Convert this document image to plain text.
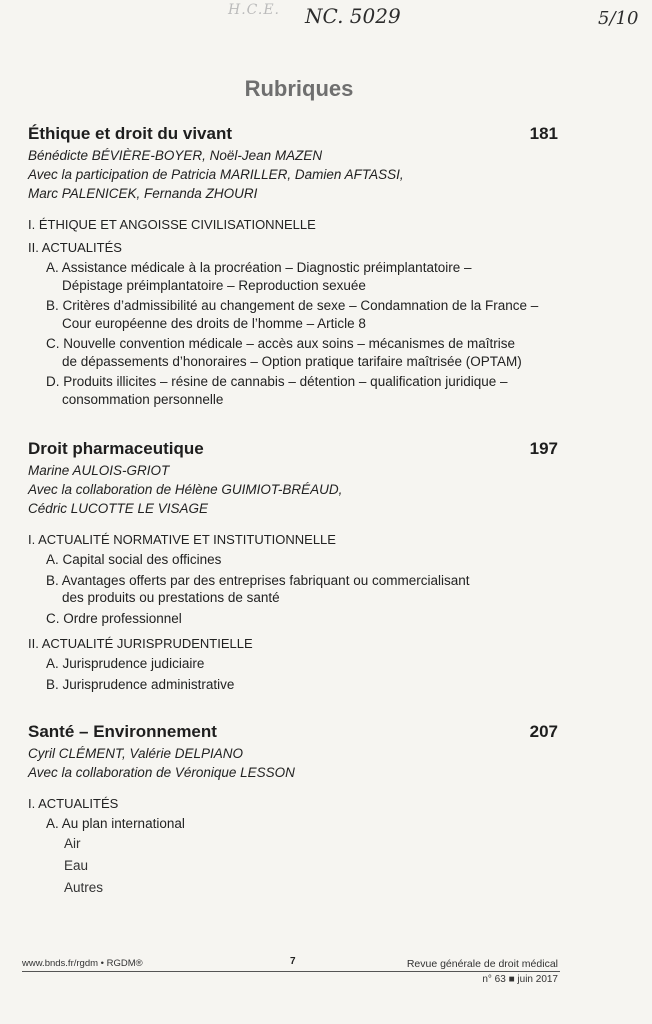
H.C.E. NC. 5029	5/10
Rubriques
Éthique et droit du vivant	181
Bénédicte BÉVIÈRE-BOYER, Noël-Jean MAZEN
Avec la participation de Patricia MARILLER, Damien AFTASSI,
Marc PALENICEK, Fernanda ZHOURI
I. ÉTHIQUE ET ANGOISSE CIVILISATIONNELLE
II. ACTUALITÉS
A. Assistance médicale à la procréation – Diagnostic préimplantatoire –
Dépistage préimplantatoire – Reproduction sexuée
B. Critères d’admissibilité au changement de sexe – Condamnation de la France –
Cour européenne des droits de l’homme – Article 8
C. Nouvelle convention médicale – accès aux soins – mécanismes de maîtrise
de dépassements d’honoraires – Option pratique tarifaire maîtrisée (OPTAM)
D. Produits illicites – résine de cannabis – détention – qualification juridique –
consommation personnelle
Droit pharmaceutique	197
Marine AULOIS-GRIOT
Avec la collaboration de Hélène GUIMIOT-BRÉAUD,
Cédric LUCOTTE LE VISAGE
I. ACTUALITÉ NORMATIVE ET INSTITUTIONNELLE
A. Capital social des officines
B. Avantages offerts par des entreprises fabriquant ou commercialisant
des produits ou prestations de santé
C. Ordre professionnel
II. ACTUALITÉ JURISPRUDENTIELLE
A. Jurisprudence judiciaire
B. Jurisprudence administrative
Santé – Environnement	207
Cyril CLÉMENT, Valérie DELPIANO
Avec la collaboration de Véronique LESSON
I. ACTUALITÉS
A. Au plan international
Air
Eau
Autres
www.bnds.fr/rgdm • RGDM®	7	Revue générale de droit médical
n° 63 ■ juin 2017
